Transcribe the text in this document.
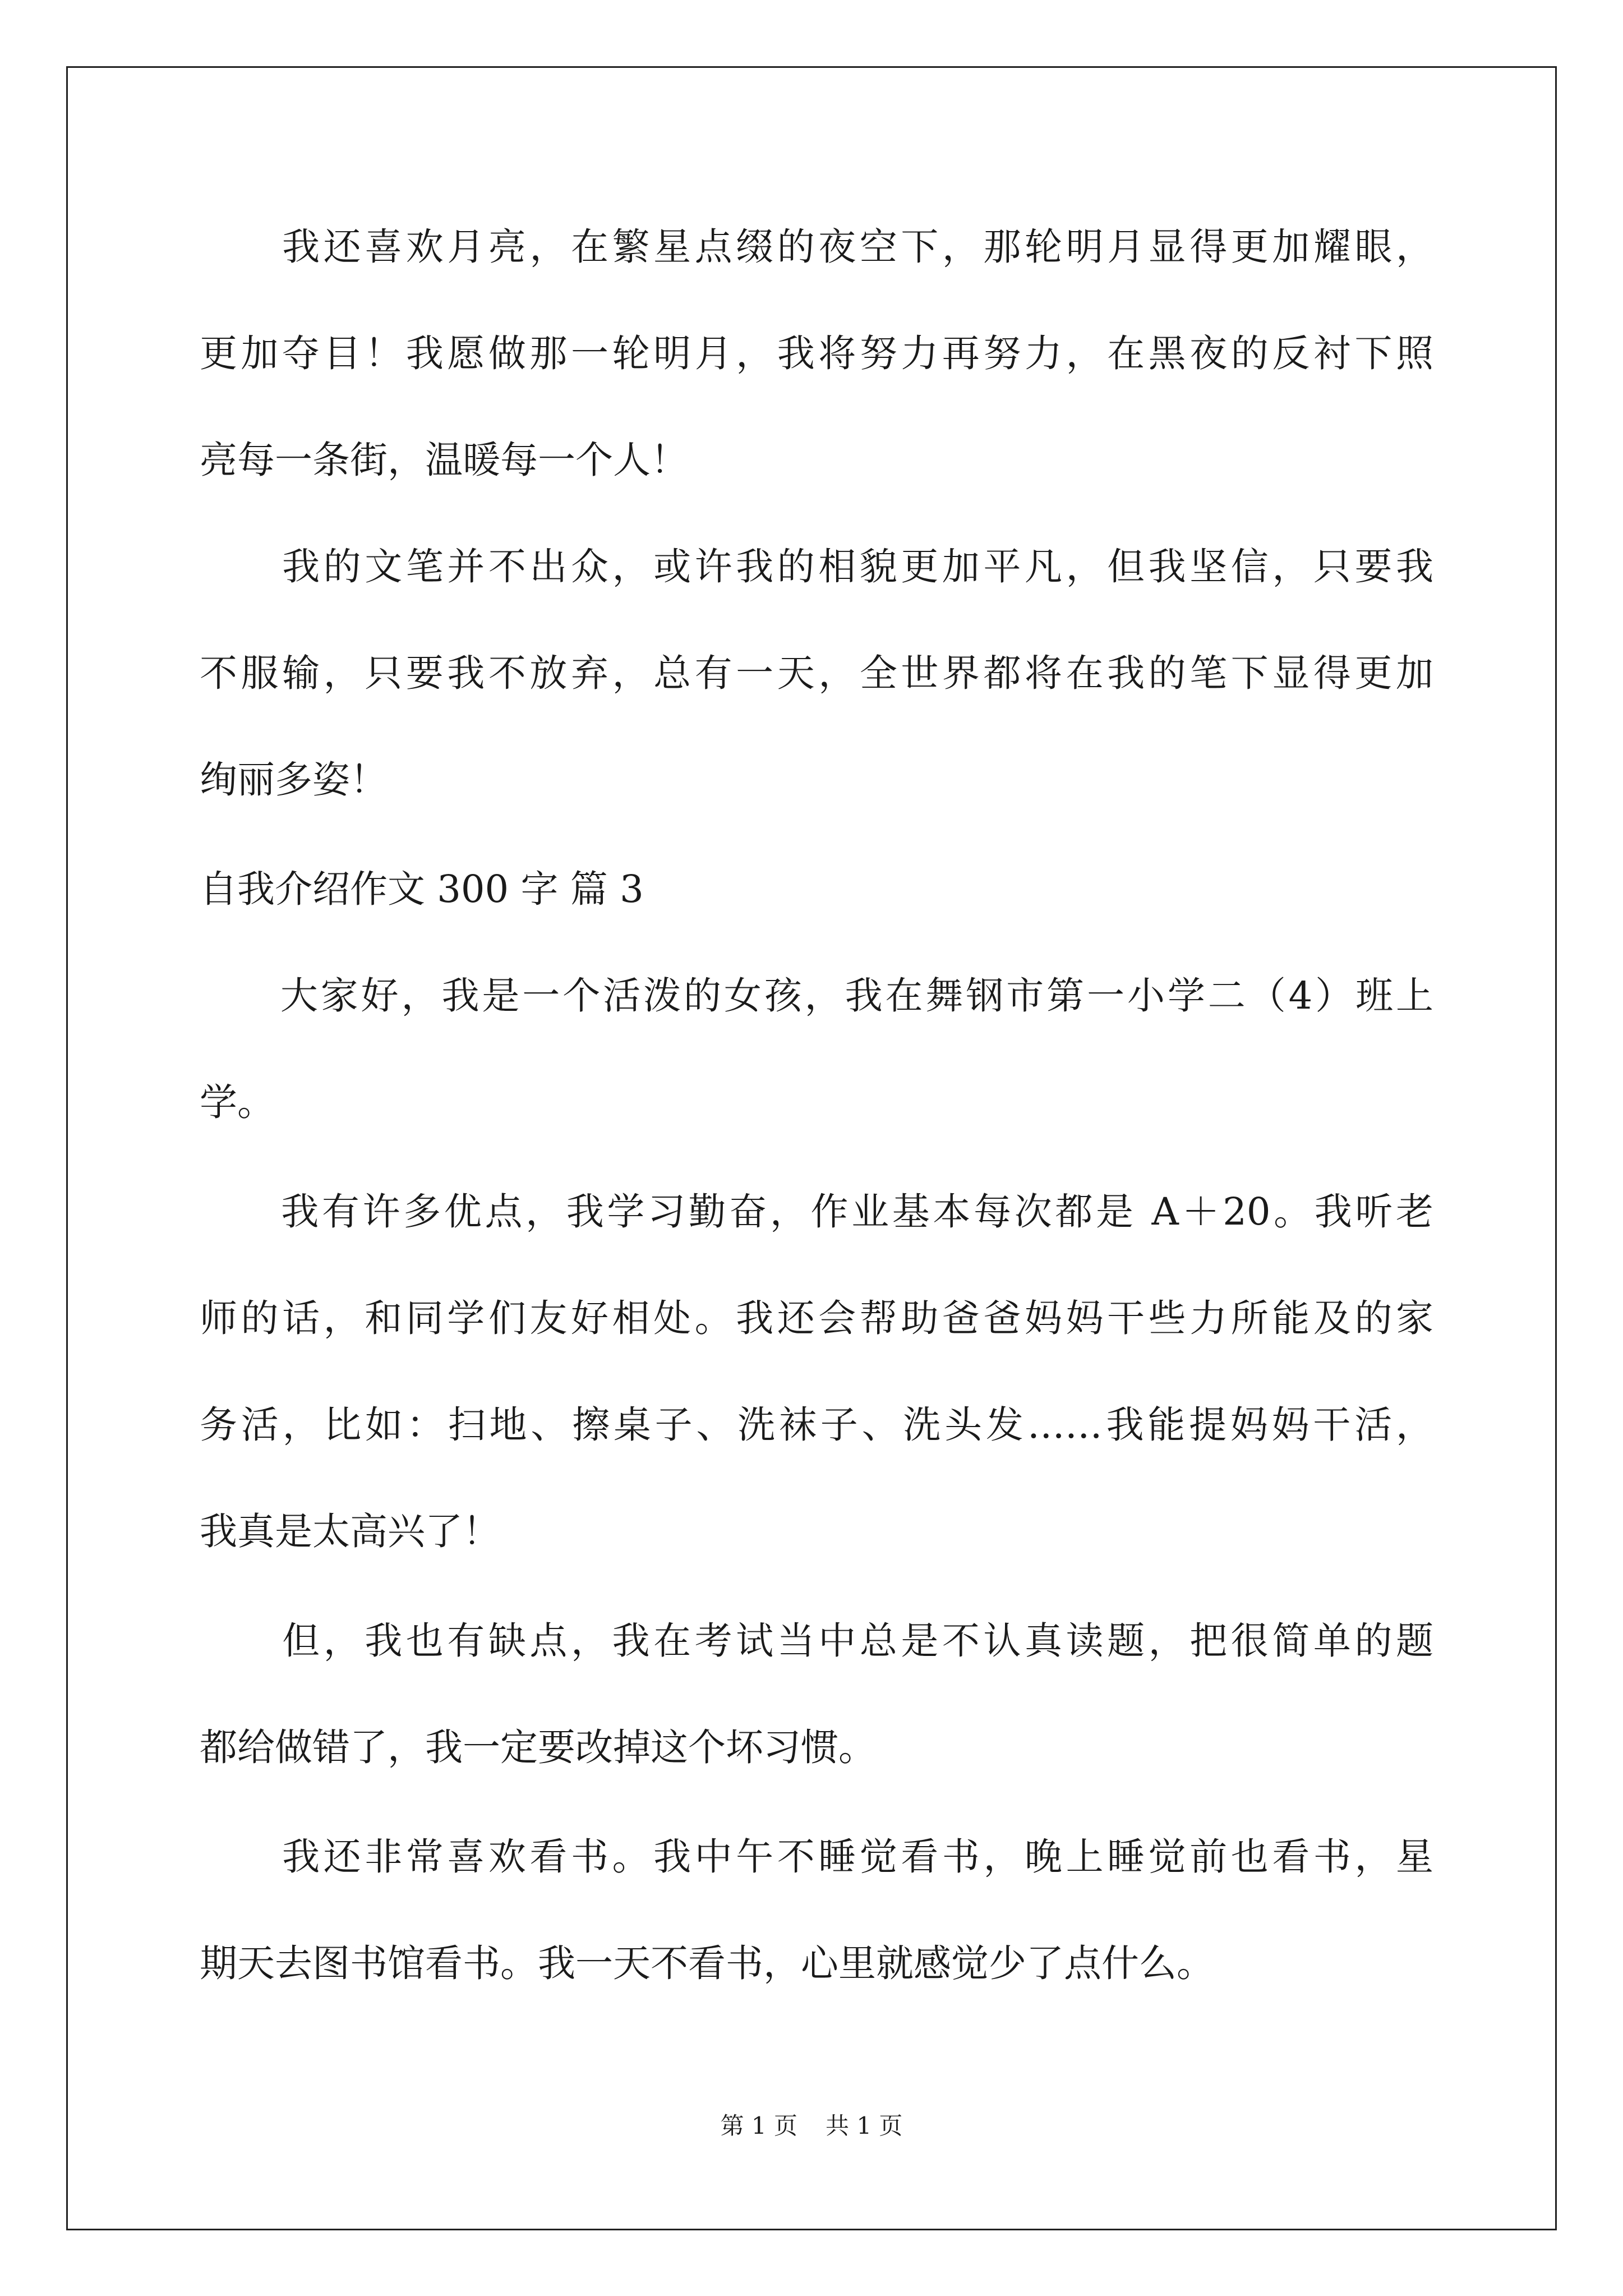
　　我还喜欢月亮，在繁星点缀的夜空下，那轮明月显得更加耀眼，
更加夺目！我愿做那一轮明月，我将努力再努力，在黑夜的反衬下照
亮每一条街，温暖每一个人！
　　我的文笔并不出众，或许我的相貌更加平凡，但我坚信，只要我
不服输，只要我不放弃，总有一天，全世界都将在我的笔下显得更加
绚丽多姿！
自我介绍作文 300 字 篇 3
　　大家好，我是一个活泼的女孩，我在舞钢市第一小学二（4）班上
学。
　　我有许多优点，我学习勤奋，作业基本每次都是 A＋20。我听老
师的话，和同学们友好相处。我还会帮助爸爸妈妈干些力所能及的家
务活，比如：扫地、擦桌子、洗袜子、洗头发……我能提妈妈干活，
我真是太高兴了！
　　但，我也有缺点，我在考试当中总是不认真读题，把很简单的题
都给做错了，我一定要改掉这个坏习惯。
　　我还非常喜欢看书。我中午不睡觉看书，晚上睡觉前也看书，星
期天去图书馆看书。我一天不看书，心里就感觉少了点什么。
第 1 页 共 1 页
